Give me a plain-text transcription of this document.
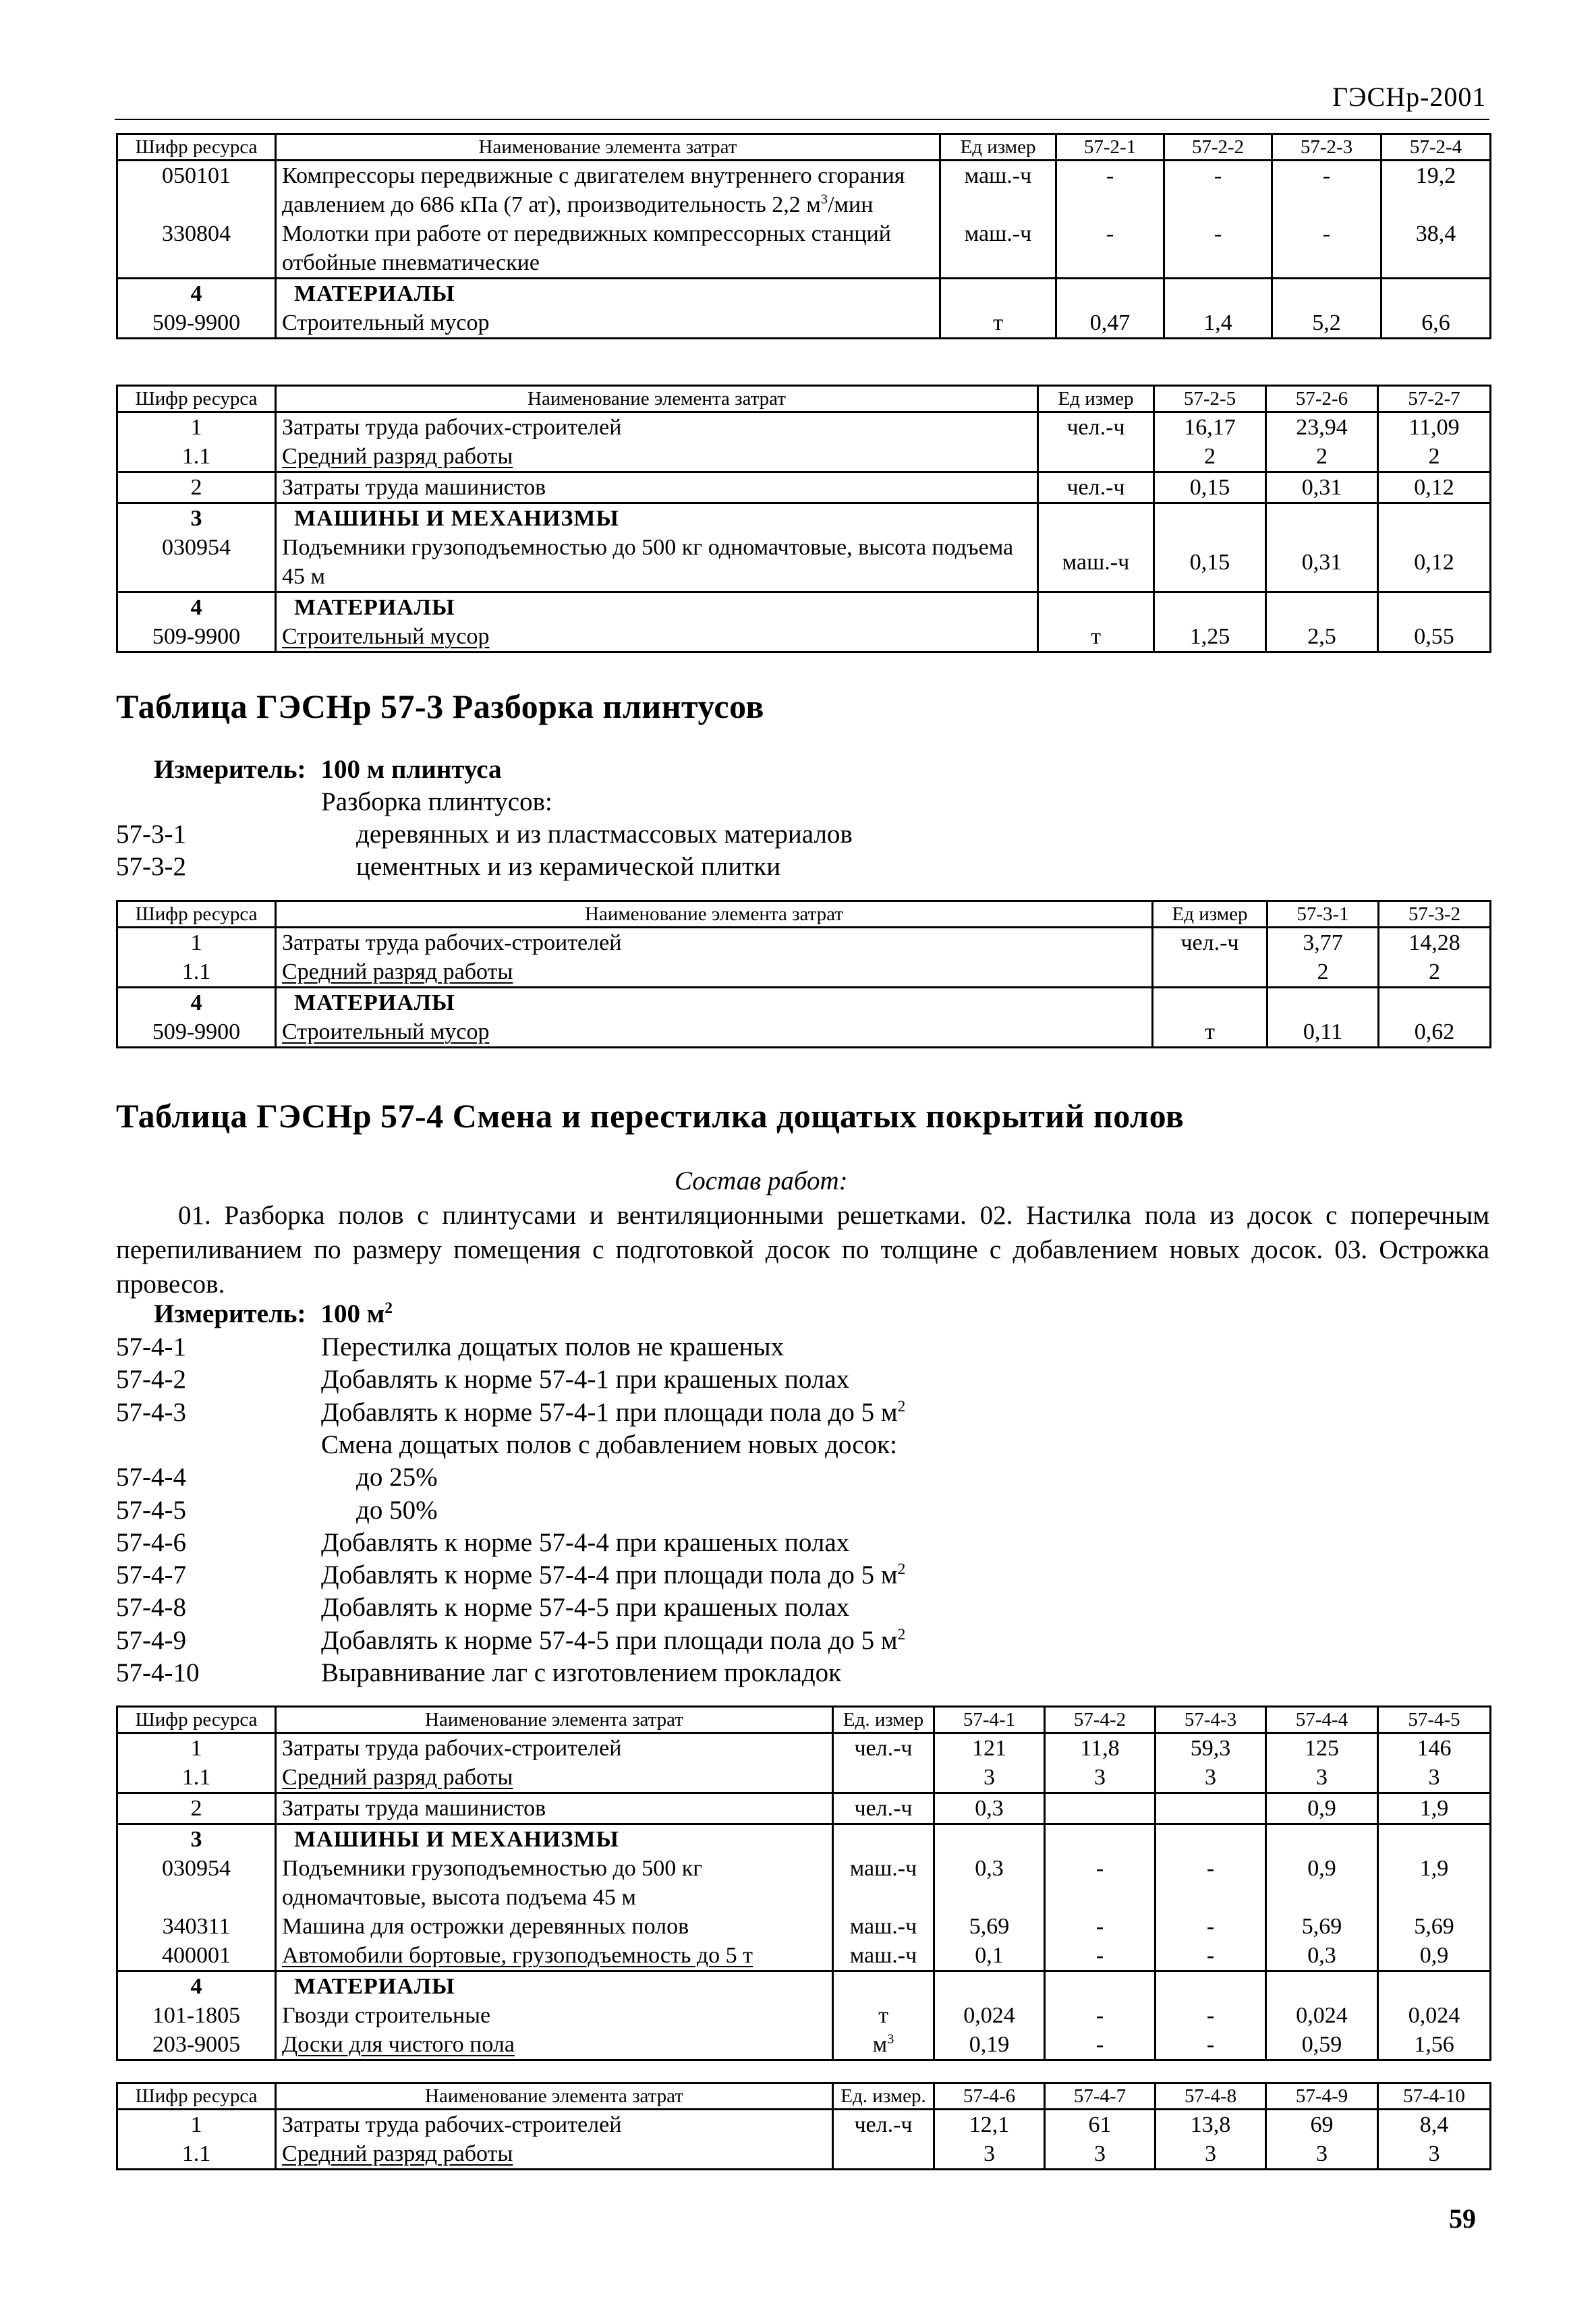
ГЭСНр-2001
Шифр ресурса	Наименование элемента затрат	Ед измер	57-2-1	57-2-2	57-2-3	57-2-4
050101	Компрессоры передвижные с двигателем внутреннего сгорания давлением до 686 кПа (7 ат), производительность 2,2 $м^3$/мин	маш.-ч	-	-	-	19,2
330804	Молотки при работе от передвижных компрессорных станций отбойные пневматические	маш.-ч	-	-	-	38,4
4	МАТЕРИАЛЫ					
509-9900	Строительный мусор	т	0,47	1,4	5,2	6,6
Шифр ресурса	Наименование элемента затрат	Ед измер	57-2-5	57-2-6	57-2-7
1	Затраты труда рабочих-строителей	чел.-ч	16,17	23,94	11,09
1.1	Средний разряд работы		2	2	2
2	Затраты труда машинистов	чел.-ч	0,15	0,31	0,12
3	МАШИНЫ И МЕХАНИЗМЫ				
030954	Подъемники грузоподъемностью до 500 кг одномачтовые, высота подъема 45 м	маш.-ч	0,15	0,31	0,12
4	МАТЕРИАЛЫ				
509-9900	Строительный мусор	т	1,25	2,5	0,55
Таблица ГЭСНр 57-3 Разборка плинтусов
Измеритель: 100 м плинтуса
Разборка плинтусов:
57-3-1	деревянных и из пластмассовых материалов
57-3-2	цементных и из керамической плитки
Шифр ресурса	Наименование элемента затрат	Ед измер	57-3-1	57-3-2
1	Затраты труда рабочих-строителей	чел.-ч	3,77	14,28
1.1	Средний разряд работы		2	2
4	МАТЕРИАЛЫ			
509-9900	Строительный мусор	т	0,11	0,62
Таблица ГЭСНр 57-4 Смена и перестилка дощатых покрытий полов
Состав работ:
01. Разборка полов с плинтусами и вентиляционными решетками. 02. Настилка пола из досок с поперечным перепиливанием по размеру помещения с подготовкой досок по толщине с добавлением новых досок. 03. Острожка провесов.
Измеритель: 100 $м^2$
57-4-1	Перестилка дощатых полов не крашеных
57-4-2	Добавлять к норме 57-4-1 при крашеных полах
57-4-3	Добавлять к норме 57-4-1 при площади пола до 5 $м^2$
Смена дощатых полов с добавлением новых досок:
57-4-4	до 25%
57-4-5	до 50%
57-4-6	Добавлять к норме 57-4-4 при крашеных полах
57-4-7	Добавлять к норме 57-4-4 при площади пола до 5 $м^2$
57-4-8	Добавлять к норме 57-4-5 при крашеных полах
57-4-9	Добавлять к норме 57-4-5 при площади пола до 5 $м^2$
57-4-10	Выравнивание лаг с изготовлением прокладок
Шифр ресурса	Наименование элемента затрат	Ед. измер	57-4-1	57-4-2	57-4-3	57-4-4	57-4-5
1	Затраты труда рабочих-строителей	чел.-ч	121	11,8	59,3	125	146
1.1	Средний разряд работы		3	3	3	3	3
2	Затраты труда машинистов	чел.-ч	0,3			0,9	1,9
3	МАШИНЫ И МЕХАНИЗМЫ						
030954	Подъемники грузоподъемностью до 500 кг одномачтовые, высота подъема 45 м	маш.-ч	0,3	-	-	0,9	1,9
340311	Машина для острожки деревянных полов	маш.-ч	5,69	-	-	5,69	5,69
400001	Автомобили бортовые, грузоподъемность до 5 т	маш.-ч	0,1	-	-	0,3	0,9
4	МАТЕРИАЛЫ						
101-1805	Гвозди строительные	т	0,024	-	-	0,024	0,024
203-9005	Доски для чистого пола	$м^3$	0,19	-	-	0,59	1,56
Шифр ресурса	Наименование элемента затрат	Ед. измер.	57-4-6	57-4-7	57-4-8	57-4-9	57-4-10
1	Затраты труда рабочих-строителей	чел.-ч	12,1	61	13,8	69	8,4
1.1	Средний разряд работы		3	3	3	3	3
59
